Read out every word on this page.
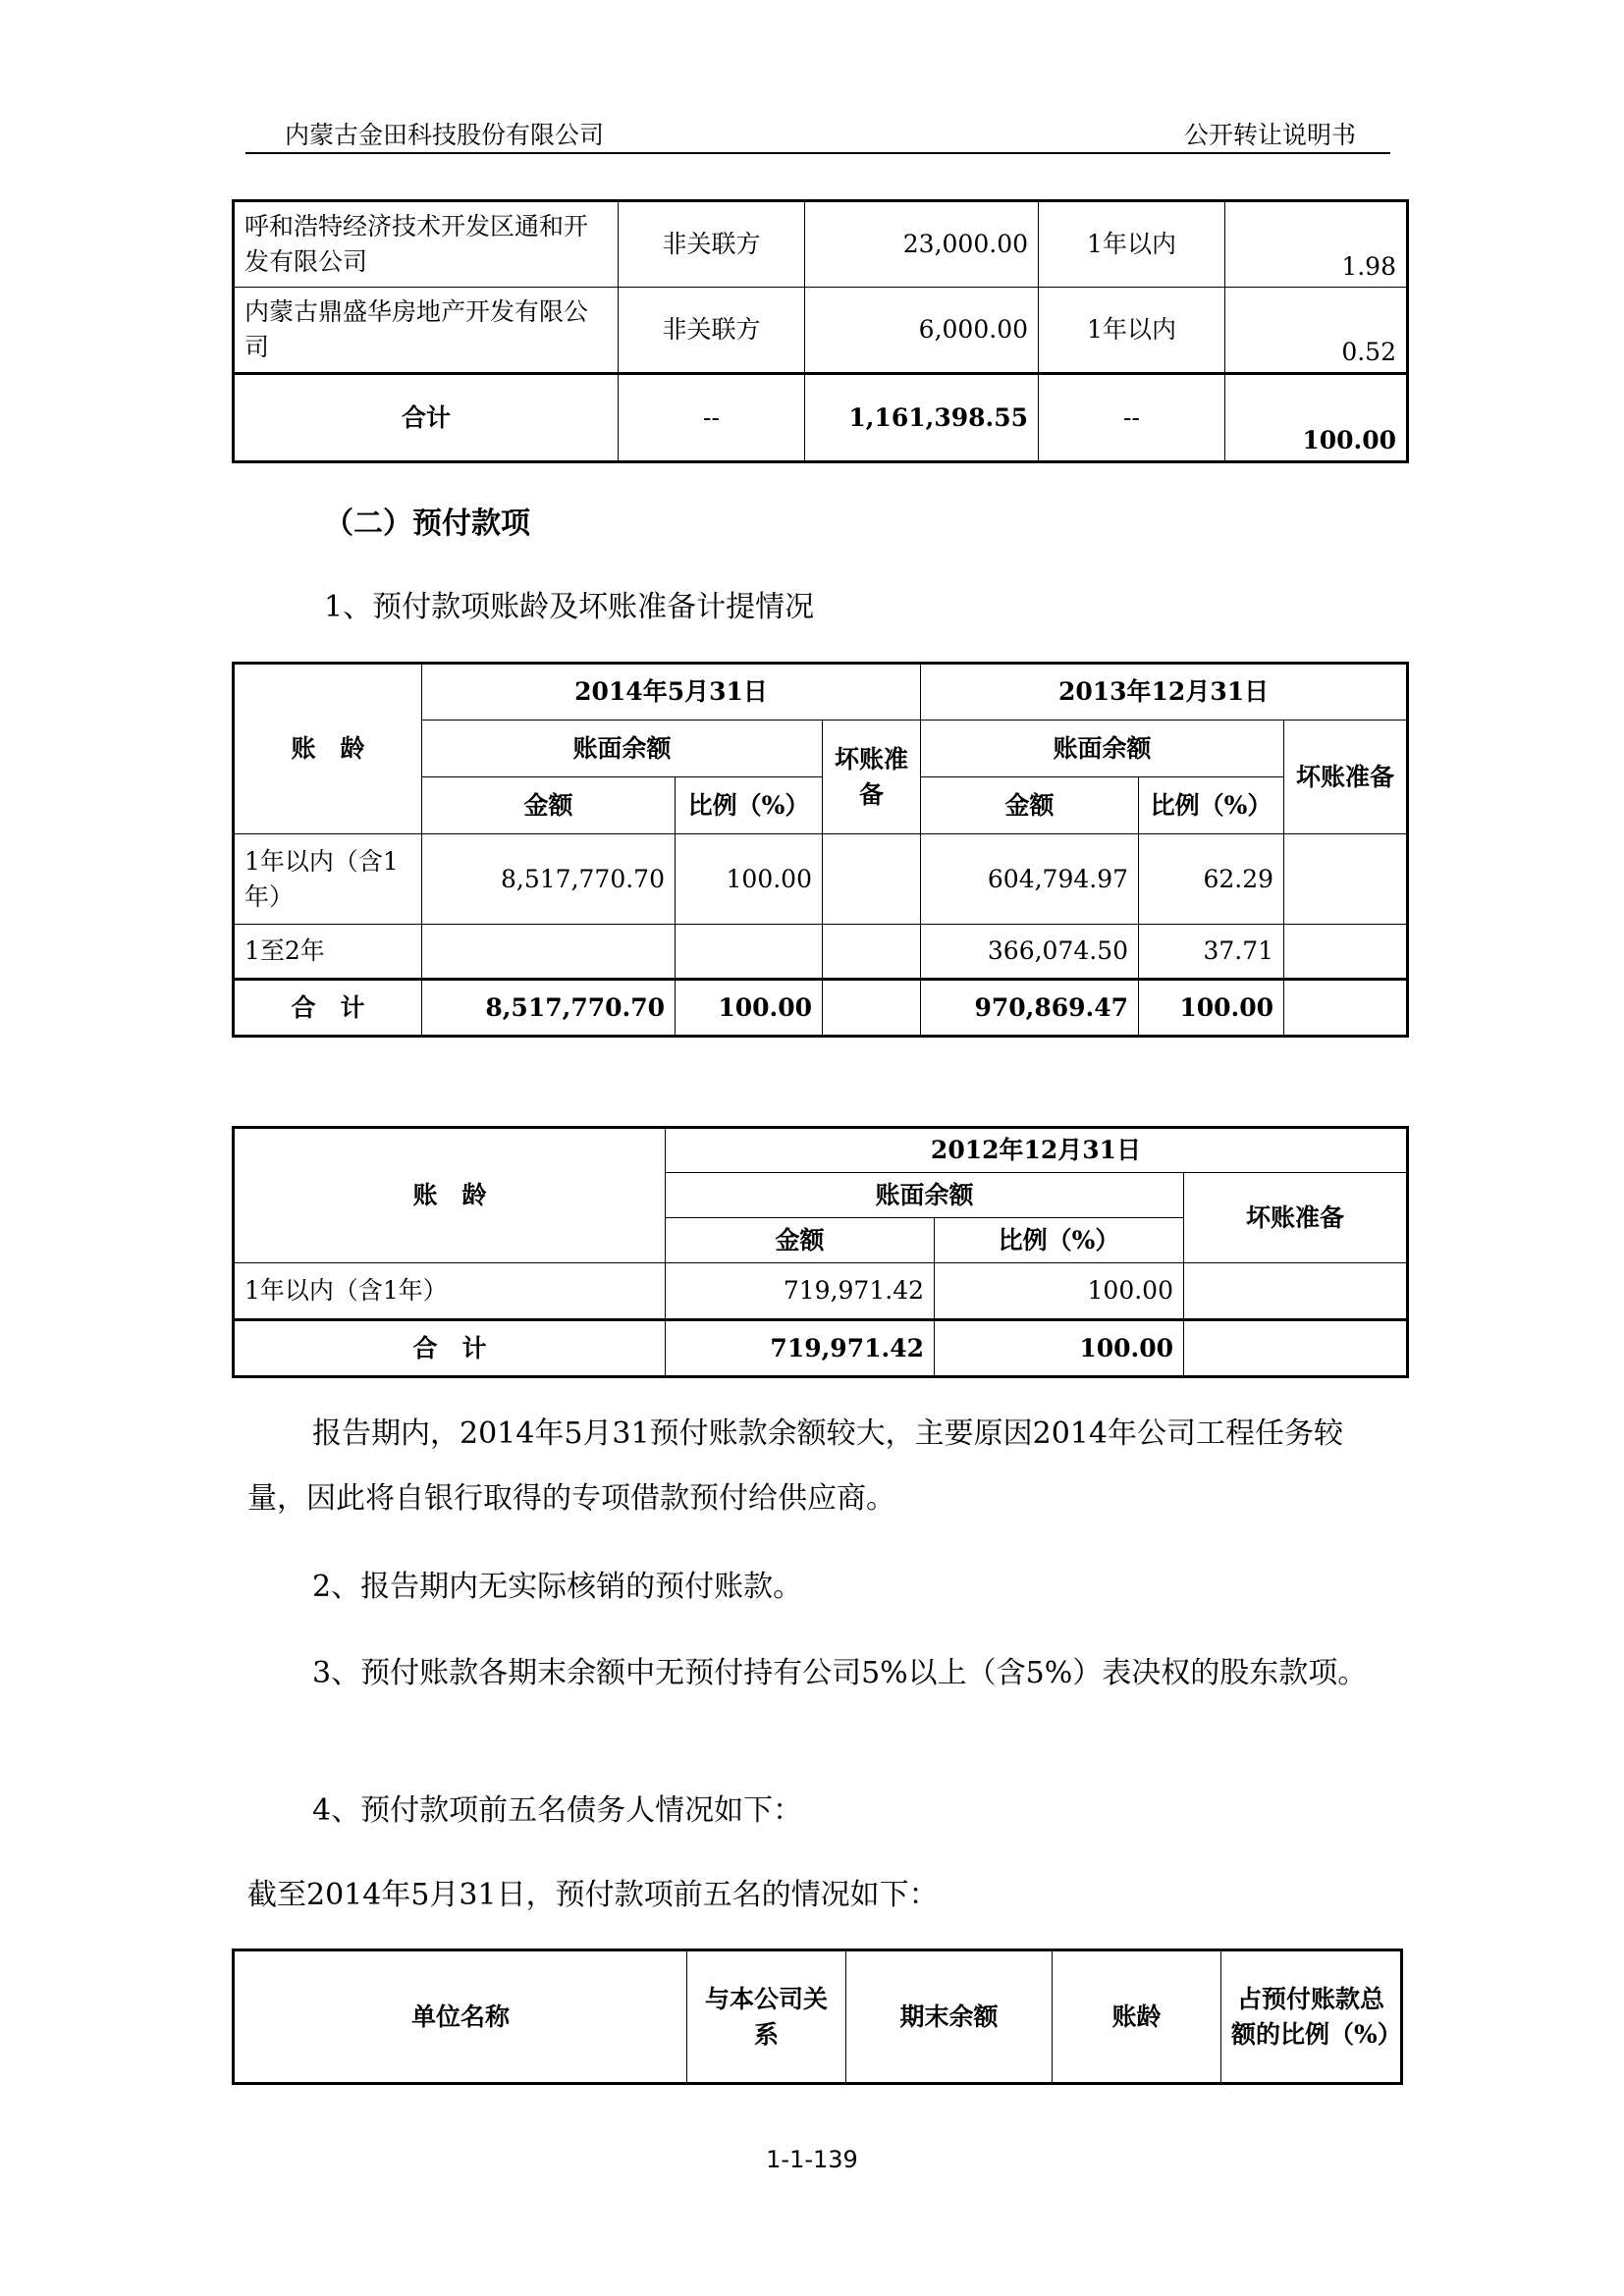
内蒙古金田科技股份有限公司	公开转让说明书
呼和浩特经济技术开发区通和开发有限公司	非关联方	23,000.00	1年以内	1.98
内蒙古鼎盛华房地产开发有限公司	非关联方	6,000.00	1年以内	0.52
合计	--	1,161,398.55	--	100.00
（二）预付款项

1、预付款项账龄及坏账准备计提情况

账　龄	2014年5月31日			2013年12月31日		
	账面余额		坏账准备	账面余额		坏账准备
	金额	比例（%）		金额	比例（%）	
1年以内（含1年）	8,517,770.70	100.00		604,794.97	62.29	
1至2年				366,074.50	37.71	
合　计	8,517,770.70	100.00		970,869.47	100.00	
账　龄	2012年12月31日		
	账面余额		坏账准备
	金额	比例（%）	
1年以内（含1年）	719,971.42	100.00	
合　计	719,971.42	100.00	

报告期内，2014年5月31预付账款余额较大，主要原因2014年公司工程任务较量，因此将自银行取得的专项借款预付给供应商。

2、报告期内无实际核销的预付账款。

3、预付账款各期末余额中无预付持有公司5%以上（含5%）表决权的股东款项。

4、预付款项前五名债务人情况如下：

截至2014年5月31日，预付款项前五名的情况如下：

单位名称	与本公司关系	期末余额	账龄	占预付账款总额的比例（%）
1-1-139
